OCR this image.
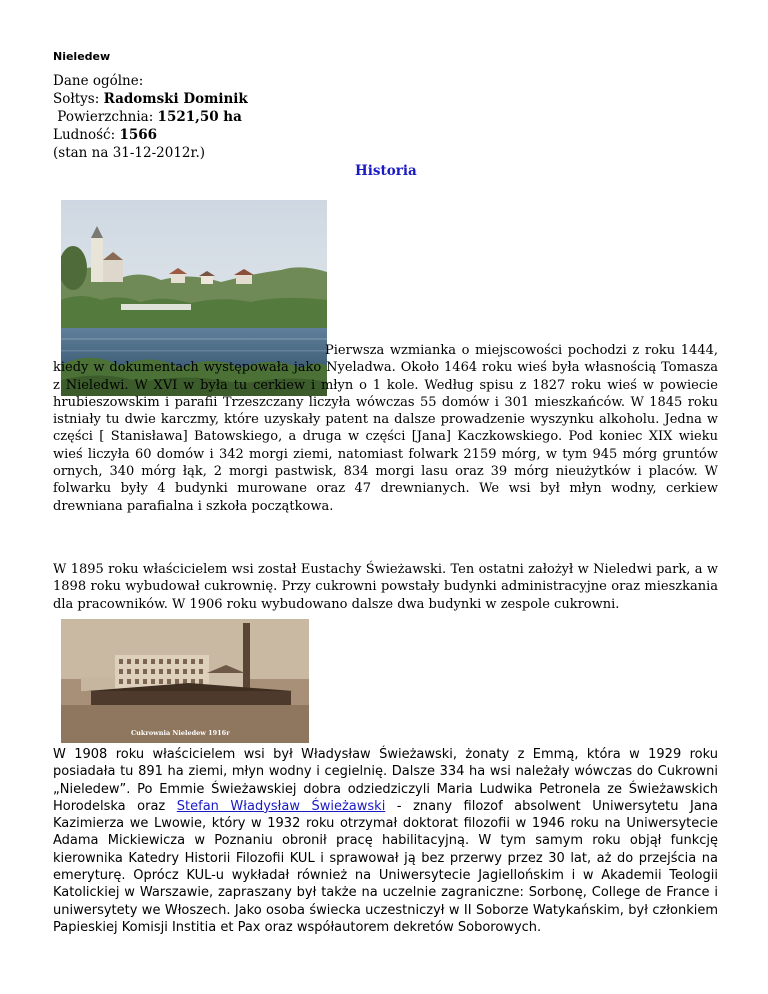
Nieledew
Dane ogólne:
Sołtys: Radomski Dominik
Powierzchnia: 1521,50 ha
Ludność: 1566
(stan na 31-12-2012r.)
Historia
Pierwsza wzmianka o miejscowości pochodzi z roku 1444, kiedy w dokumentach występowała jako Nyeladwa. Około 1464 roku wieś była własnością Tomasza z Nieledwi. W XVI w była tu cerkiew i młyn o 1 kole. Według spisu z 1827 roku wieś w powiecie hrubieszowskim i parafii Trzeszczany liczyła wówczas 55 domów i 301 mieszkańców. W 1845 roku istniały tu dwie karczmy, które uzyskały patent na dalsze prowadzenie wyszynku alkoholu. Jedna w części [ Stanisława] Batowskiego, a druga w części [Jana] Kaczkowskiego. Pod koniec XIX wieku wieś liczyła 60 domów i 342 morgi ziemi, natomiast folwark 2159 mórg, w tym 945 mórg gruntów ornych, 340 mórg łąk, 2 morgi pastwisk, 834 morgi lasu oraz 39 mórg nieużytków i placów. W folwarku były 4 budynki murowane oraz 47 drewnianych. We wsi był młyn wodny, cerkiew drewniana parafialna i szkoła początkowa.
W 1895 roku właścicielem wsi został Eustachy Świeżawski. Ten ostatni założył w Nieledwi park, a w 1898 roku wybudował cukrownię. Przy cukrowni powstały budynki administracyjne oraz mieszkania dla pracowników. W 1906 roku wybudowano dalsze dwa budynki w zespole cukrowni.
Cukrownia Nieledew 1916r
W 1908 roku właścicielem wsi był Władysław Świeżawski, żonaty z Emmą, która w 1929 roku posiadała tu 891 ha ziemi, młyn wodny i cegielnię. Dalsze 334 ha wsi należały wówczas do Cukrowni „Nieledew”. Po Emmie Świeżawskiej dobra odziedziczyli Maria Ludwika Petronela ze Świeżawskich Horodelska oraz Stefan Władysław Świeżawski - znany filozof absolwent Uniwersytetu Jana Kazimierza we Lwowie, który w 1932 roku otrzymał doktorat filozofii w 1946 roku na Uniwersytecie Adama Mickiewicza w Poznaniu obronił pracę habilitacyjną. W tym samym roku objął funkcję kierownika Katedry Historii Filozofii KUL i sprawował ją bez przerwy przez 30 lat, aż do przejścia na emeryturę. Oprócz KUL-u wykładał również na Uniwersytecie Jagiellońskim i w Akademii Teologii Katolickiej w Warszawie, zapraszany był także na uczelnie zagraniczne: Sorbonę, College de France i uniwersytety we Włoszech. Jako osoba świecka uczestniczył w II Soborze Watykańskim, był członkiem Papieskiej Komisji Institia et Pax oraz współautorem dekretów Soborowych.
